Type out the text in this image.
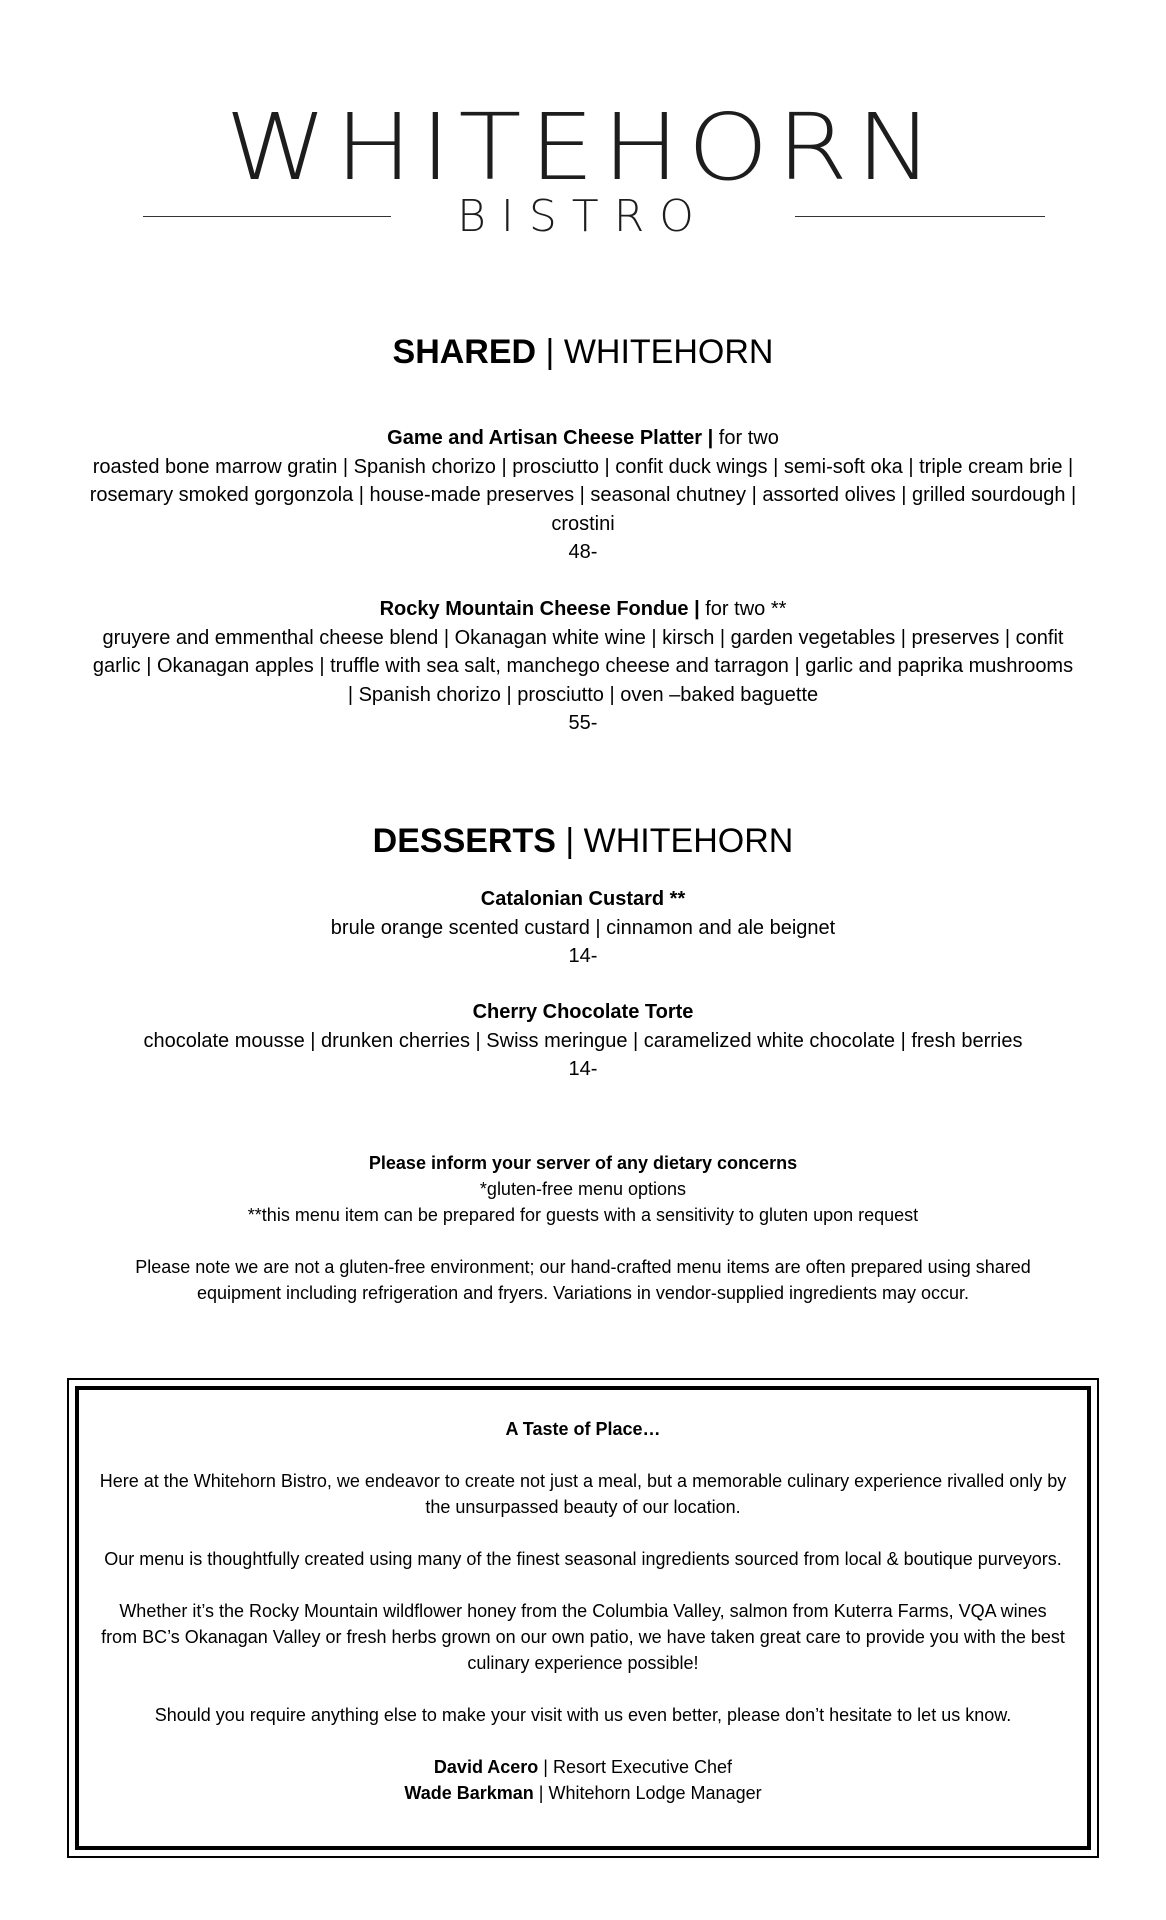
WHITEHORN
BISTRO
SHARED | WHITEHORN
Game and Artisan Cheese Platter | for two
roasted bone marrow gratin | Spanish chorizo | prosciutto | confit duck wings | semi-soft oka | triple cream brie | rosemary smoked gorgonzola | house-made preserves | seasonal chutney | assorted olives | grilled sourdough | crostini
48-
Rocky Mountain Cheese Fondue | for two **
gruyere and emmenthal cheese blend | Okanagan white wine | kirsch | garden vegetables | preserves | confit garlic | Okanagan apples | truffle with sea salt, manchego cheese and tarragon | garlic and paprika mushrooms | Spanish chorizo | prosciutto | oven –baked baguette
55-
DESSERTS | WHITEHORN
Catalonian Custard **
brule orange scented custard | cinnamon and ale beignet
14-
Cherry Chocolate Torte
chocolate mousse | drunken cherries | Swiss meringue | caramelized white chocolate | fresh berries
14-
Please inform your server of any dietary concerns
*gluten-free menu options
**this menu item can be prepared for guests with a sensitivity to gluten upon request
Please note we are not a gluten-free environment; our hand-crafted menu items are often prepared using shared equipment including refrigeration and fryers. Variations in vendor-supplied ingredients may occur.

A Taste of Place…

Here at the Whitehorn Bistro, we endeavor to create not just a meal, but a memorable culinary experience rivalled only by the unsurpassed beauty of our location.

Our menu is thoughtfully created using many of the finest seasonal ingredients sourced from local & boutique purveyors.

Whether it’s the Rocky Mountain wildflower honey from the Columbia Valley, salmon from Kuterra Farms, VQA wines from BC’s Okanagan Valley or fresh herbs grown on our own patio, we have taken great care to provide you with the best culinary experience possible!

Should you require anything else to make your visit with us even better, please don’t hesitate to let us know.

David Acero | Resort Executive Chef
Wade Barkman | Whitehorn Lodge Manager
